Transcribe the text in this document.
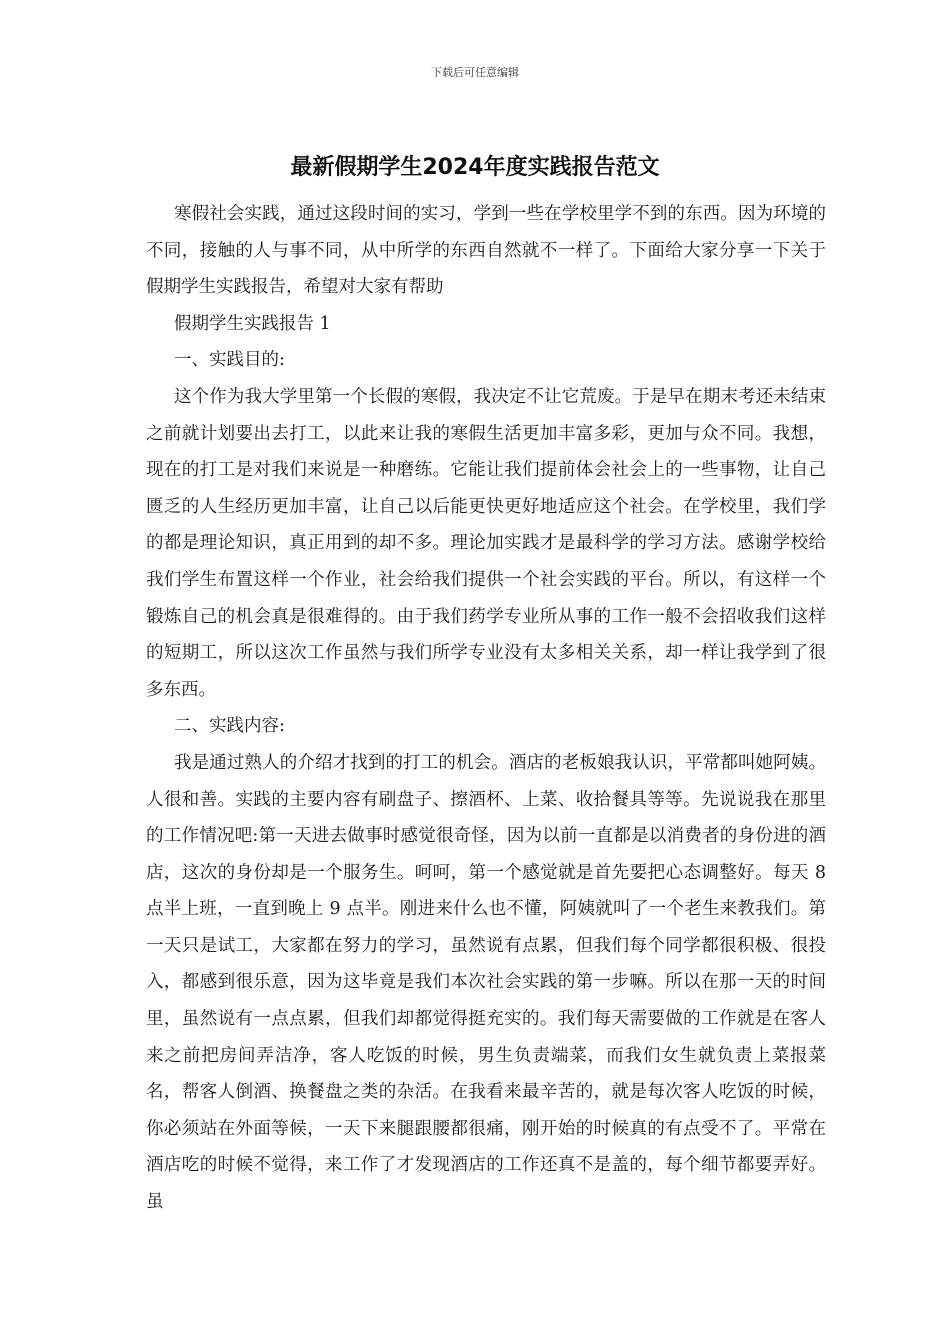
下载后可任意编辑
最新假期学生2024年度实践报告范文

寒假社会实践，通过这段时间的实习，学到一些在学校里学不到的东西。因为环境的不同，接触的人与事不同，从中所学的东西自然就不一样了。下面给大家分享一下关于假期学生实践报告，希望对大家有帮助

假期学生实践报告 1

一、实践目的:

这个作为我大学里第一个长假的寒假，我决定不让它荒废。于是早在期末考还未结束之前就计划要出去打工，以此来让我的寒假生活更加丰富多彩，更加与众不同。我想，现在的打工是对我们来说是一种磨练。它能让我们提前体会社会上的一些事物，让自己匮乏的人生经历更加丰富，让自己以后能更快更好地适应这个社会。在学校里，我们学的都是理论知识，真正用到的却不多。理论加实践才是最科学的学习方法。感谢学校给我们学生布置这样一个作业，社会给我们提供一个社会实践的平台。所以，有这样一个锻炼自己的机会真是很难得的。由于我们药学专业所从事的工作一般不会招收我们这样的短期工，所以这次工作虽然与我们所学专业没有太多相关关系，却一样让我学到了很多东西。

二、实践内容:

我是通过熟人的介绍才找到的打工的机会。酒店的老板娘我认识，平常都叫她阿姨。人很和善。实践的主要内容有刷盘子、擦酒杯、上菜、收拾餐具等等。先说说我在那里的工作情况吧:第一天进去做事时感觉很奇怪，因为以前一直都是以消费者的身份进的酒店，这次的身份却是一个服务生。呵呵，第一个感觉就是首先要把心态调整好。每天 8 点半上班，一直到晚上 9 点半。刚进来什么也不懂，阿姨就叫了一个老生来教我们。第一天只是试工，大家都在努力的学习，虽然说有点累，但我们每个同学都很积极、很投入，都感到很乐意，因为这毕竟是我们本次社会实践的第一步嘛。所以在那一天的时间里，虽然说有一点点累，但我们却都觉得挺充实的。我们每天需要做的工作就是在客人来之前把房间弄洁净，客人吃饭的时候，男生负责端菜，而我们女生就负责上菜报菜名，帮客人倒酒、换餐盘之类的杂活。在我看来最辛苦的，就是每次客人吃饭的时候，你必须站在外面等候，一天下来腿跟腰都很痛，刚开始的时候真的有点受不了。平常在酒店吃的时候不觉得，来工作了才发现酒店的工作还真不是盖的，每个细节都要弄好。虽
